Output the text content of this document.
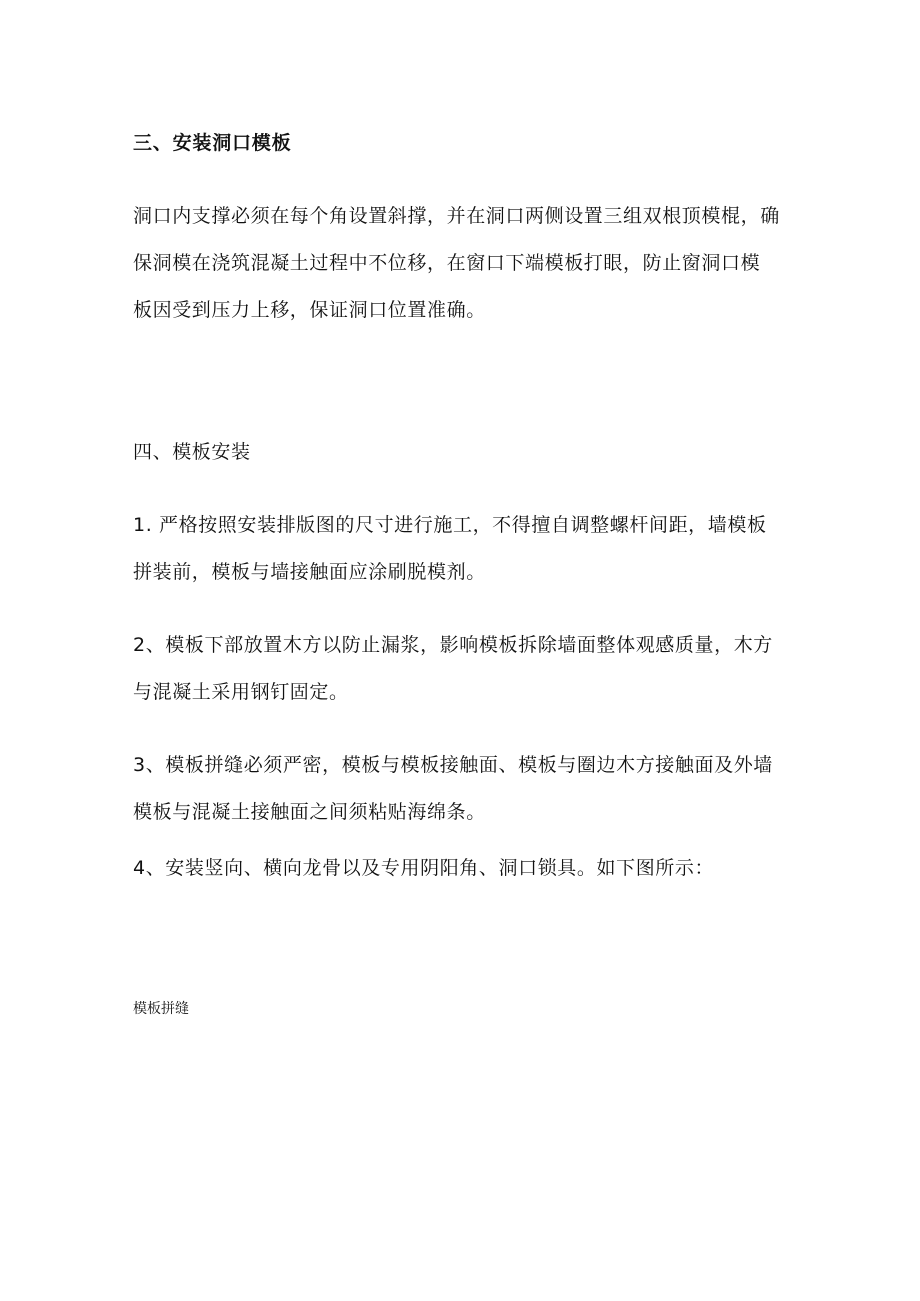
三、安装洞口模板
洞口内支撑必须在每个角设置斜撑，并在洞口两侧设置三组双根顶模棍，确
保洞模在浇筑混凝土过程中不位移，在窗口下端模板打眼，防止窗洞口模
板因受到压力上移，保证洞口位置准确。
四、模板安装
1. 严格按照安装排版图的尺寸进行施工，不得擅自调整螺杆间距，墙模板
拼装前，模板与墙接触面应涂刷脱模剂。
2、模板下部放置木方以防止漏浆，影响模板拆除墙面整体观感质量，木方
与混凝土采用钢钉固定。
3、模板拼缝必须严密，模板与模板接触面、模板与圈边木方接触面及外墙
模板与混凝土接触面之间须粘贴海绵条。
4、安装竖向、横向龙骨以及专用阴阳角、洞口锁具。如下图所示：
模板拼缝
